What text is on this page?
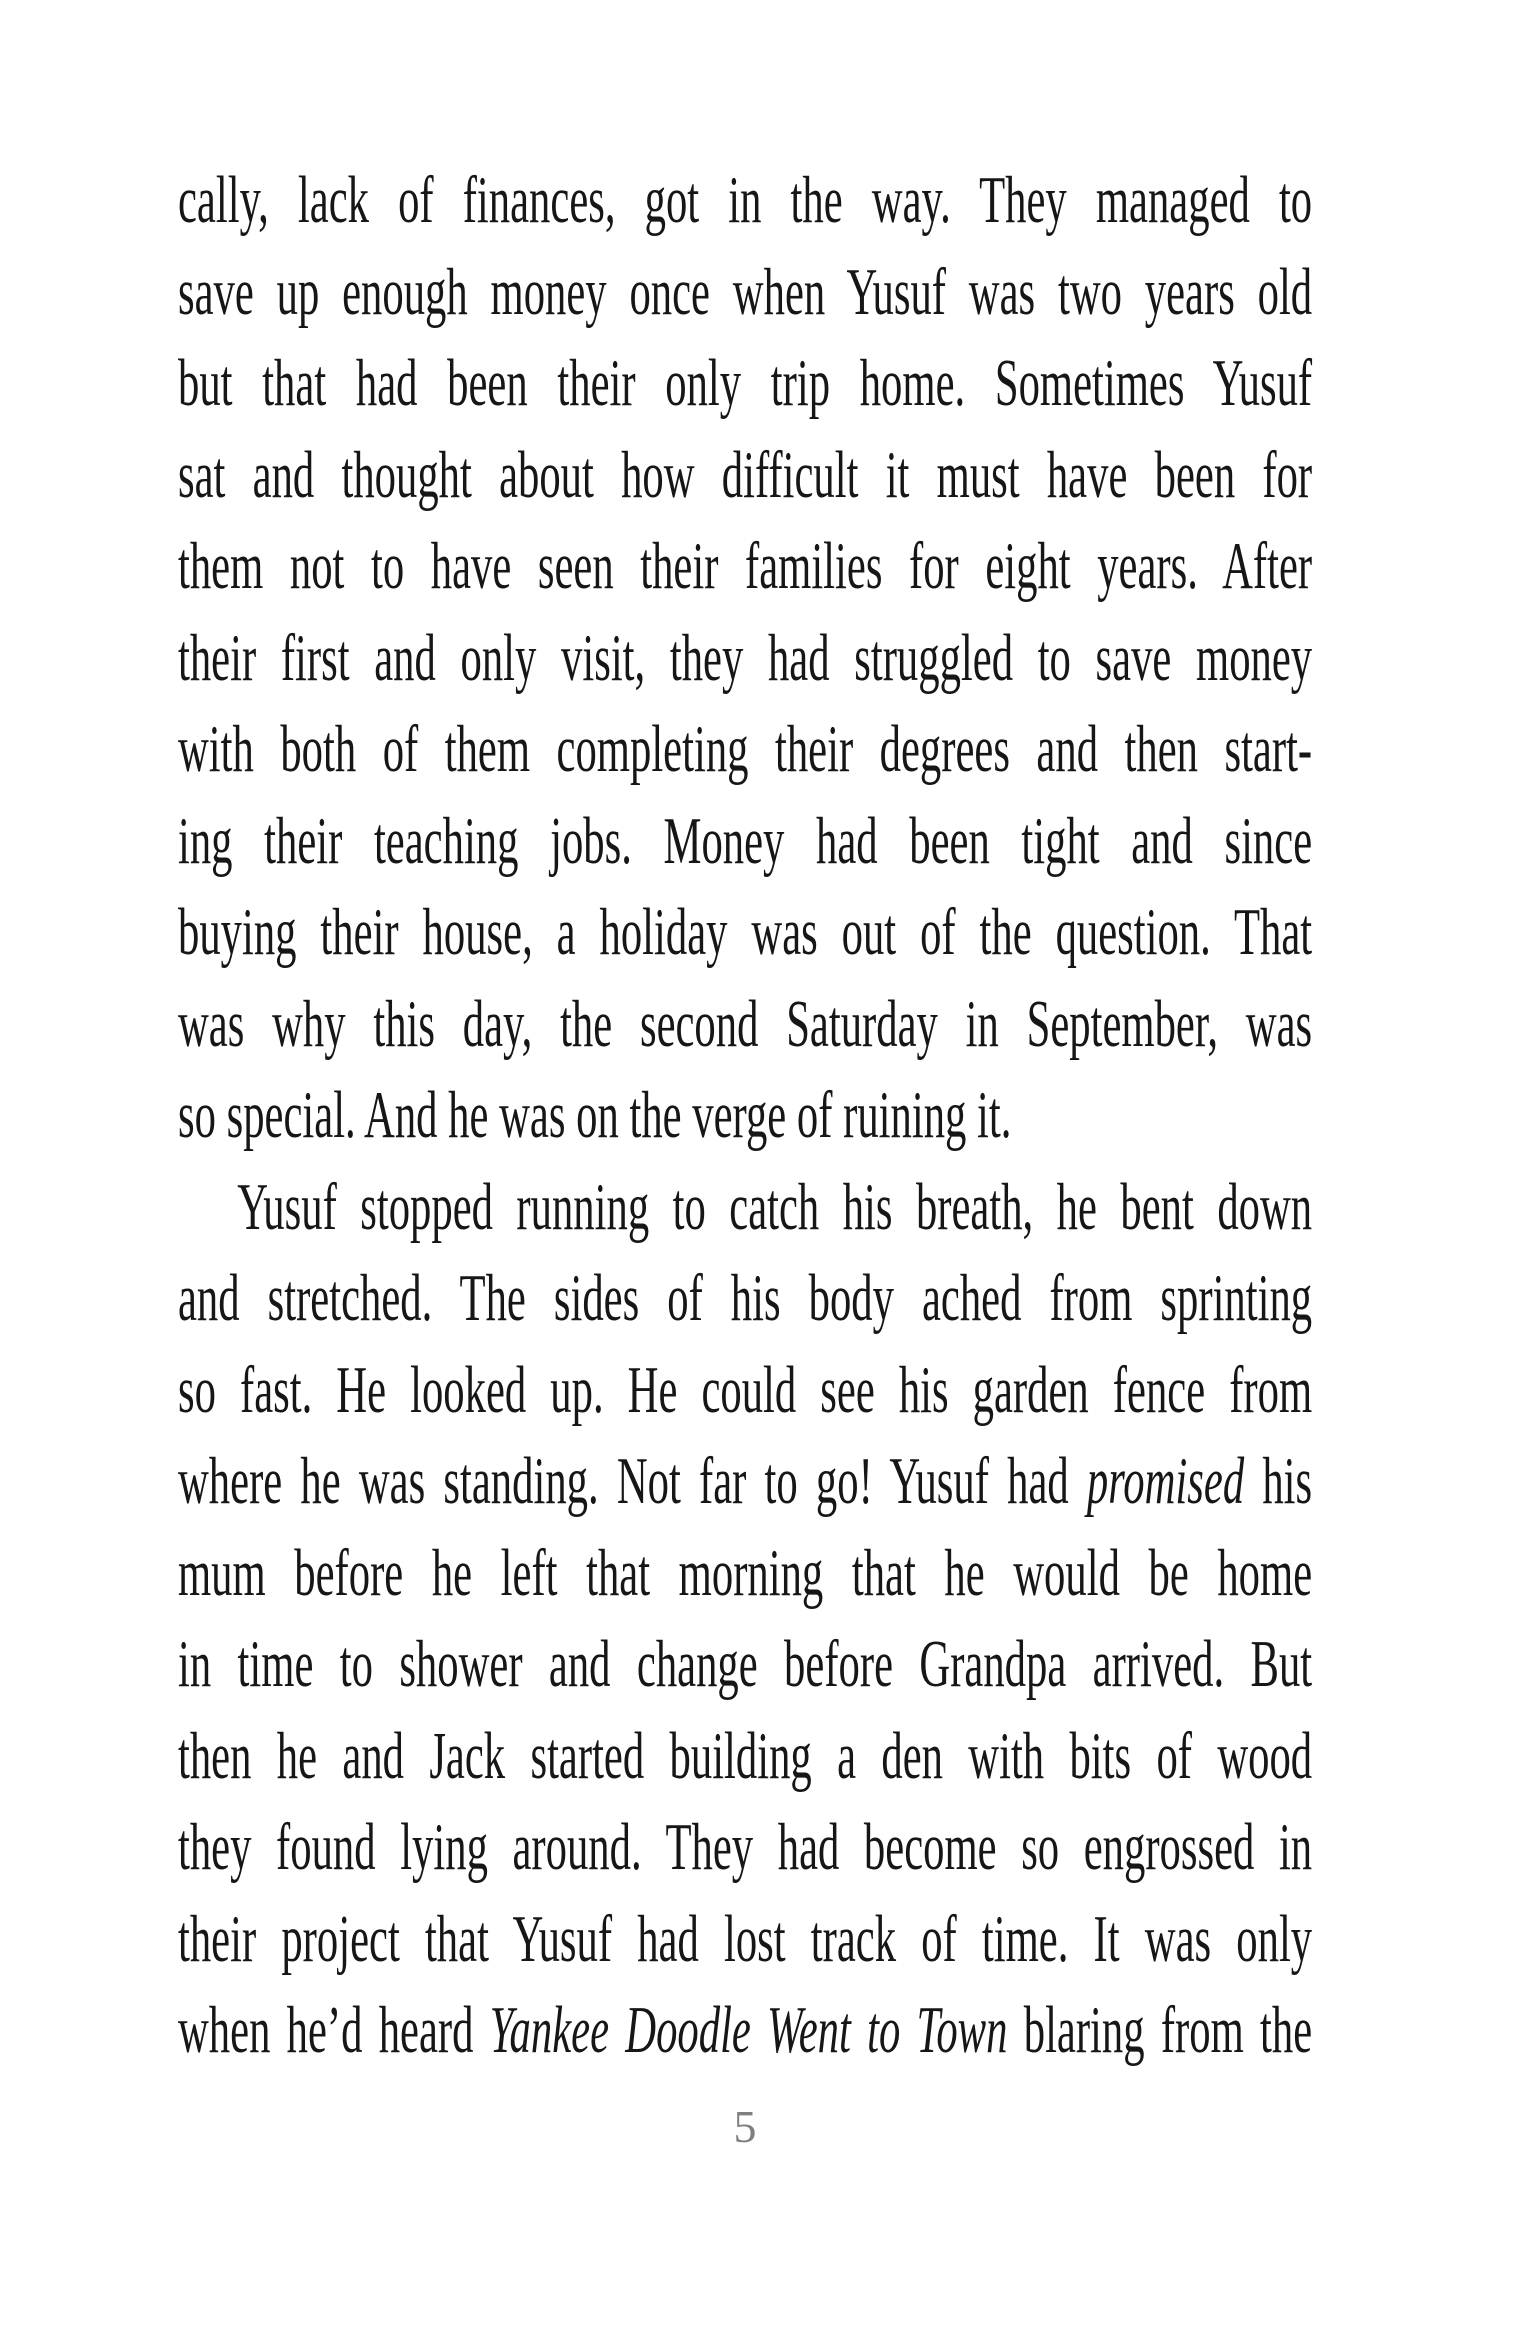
cally, lack of finances, got in the way. They managed to
save up enough money once when Yusuf was two years old
but that had been their only trip home. Sometimes Yusuf
sat and thought about how difficult it must have been for
them not to have seen their families for eight years. After
their first and only visit, they had struggled to save money
with both of them completing their degrees and then start-
ing their teaching jobs. Money had been tight and since
buying their house, a holiday was out of the question. That
was why this day, the second Saturday in September, was
so special. And he was on the verge of ruining it.
Yusuf stopped running to catch his breath, he bent down
and stretched. The sides of his body ached from sprinting
so fast. He looked up. He could see his garden fence from
where he was standing. Not far to go! Yusuf had promised his
mum before he left that morning that he would be home
in time to shower and change before Grandpa arrived. But
then he and Jack started building a den with bits of wood
they found lying around. They had become so engrossed in
their project that Yusuf had lost track of time. It was only
when he’d heard Yankee Doodle Went to Town blaring from the
5
